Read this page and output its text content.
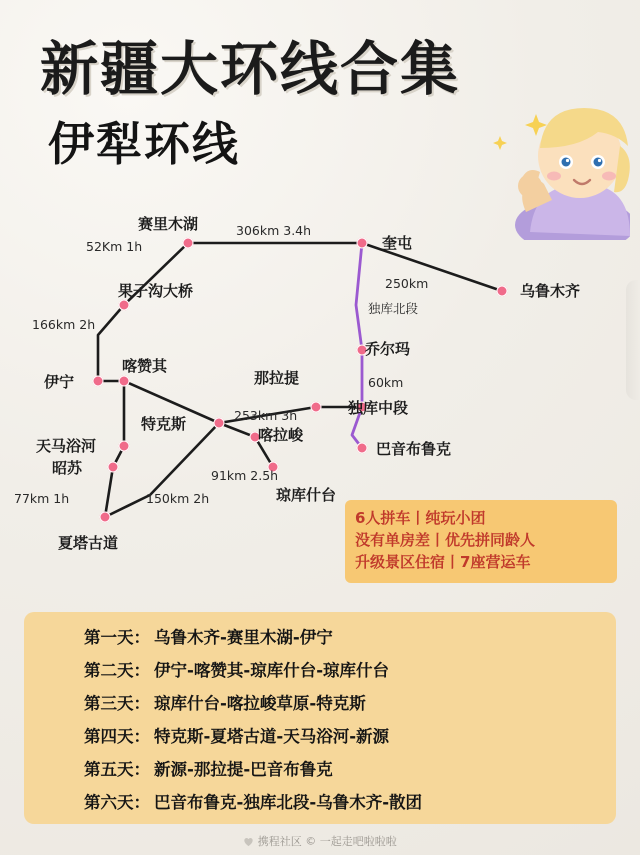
新疆大环线合集
伊犁环线
赛里木湖
奎屯
乌鲁木齐
果子沟大桥
乔尔玛
伊宁
喀赞其
那拉提
独库中段
特克斯
巴音布鲁克
喀拉峻
天马浴河
昭苏
琼库什台
夏塔古道
306km 3.4h
52Km 1h
250km
独库北段
166km 2h
60km
253km 3h
91km 2.5h
150km 2h
77km 1h
6人拼车丨纯玩小团
没有单房差丨优先拼同龄人
升级景区住宿丨7座营运车
第一天： 乌鲁木齐-赛里木湖-伊宁
第二天： 伊宁-喀赞其-琼库什台-琼库什台
第三天： 琼库什台-喀拉峻草原-特克斯
第四天： 特克斯-夏塔古道-天马浴河-新源
第五天： 新源-那拉提-巴音布鲁克
第六天： 巴音布鲁克-独库北段-乌鲁木齐-散团
携程社区 © 一起走吧啦啦啦
